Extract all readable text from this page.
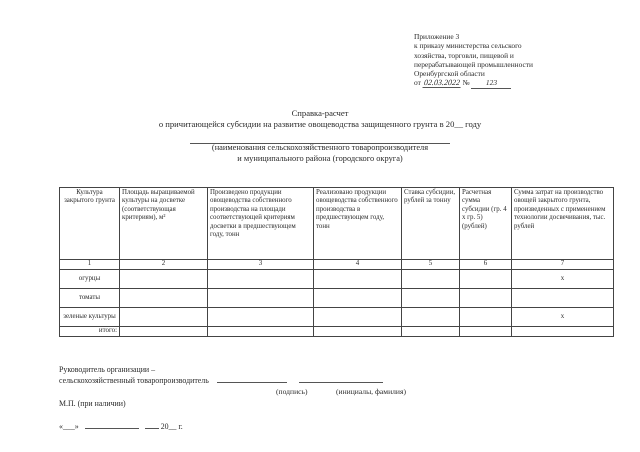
Приложение 3
к приказу министерства сельского
хозяйства, торговли, пищевой и
перерабатывающей промышленности
Оренбургской области
от 02.03.2022 № 123
Справка-расчет
о причитающейся субсидии на развитие овощеводства защищенного грунта в 20__ году
(наименования сельскохозяйственного товаропроизводителя
и муниципального района (городского округа)
Культура закрытого грунта	Площадь выращиваемой культуры на досветке (соответствующая критериям), м²	Произведено продукции овощеводства собственного производства на площади соответствующей критериям досветки в предшествующем году, тонн	Реализовано продукции овощеводства собственного производства в предшествующем году, тонн	Ставка субсидии, рублей за тонну	Расчетная сумма субсидии (гр. 4 х гр. 5) (рублей)	Сумма затрат на производство овощей закрытого грунта, произведенных с применением технологии досвечивания, тыс. рублей
1	2	3	4	5	6	7
огурцы						х
томаты						
зеленые культуры						х
итого:						
Руководитель организации –
сельскохозяйственный товаропроизводитель
(подпись)	(инициалы, фамилия)
М.П. (при наличии)
«___»	20__ г.
